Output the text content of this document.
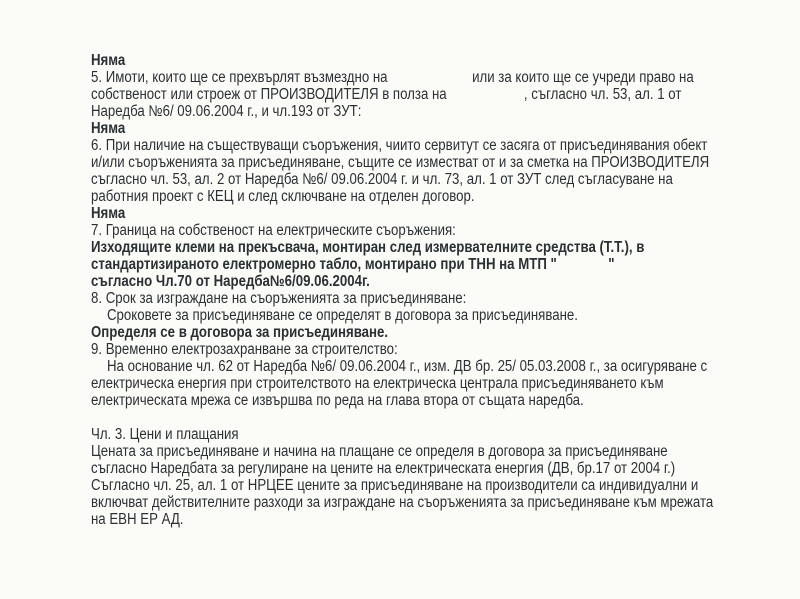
Няма
5. Имоти, които ще се прехвърлят възмездно на                       или за които ще се учреди право на
собственост или строеж от ПРОИЗВОДИТЕЛЯ в полза на                     , съгласно чл. 53, ал. 1 от
Наредба №6/ 09.06.2004 г., и чл.193 от ЗУТ:
Няма
6. При наличие на съществуващи съоръжения, чиито сервитут се засяга от присъединявания обект
и/или съоръженията за присъединяване, същите се изместват от и за сметка на ПРОИЗВОДИТЕЛЯ
съгласно чл. 53, ал. 2 от Наредба №6/ 09.06.2004 г. и чл. 73, ал. 1 от ЗУТ след съгласуване на
работния проект с КЕЦ и след сключване на отделен договор.
Няма
7. Граница на собственост на електрическите съоръжения:
Изходящите клеми на прекъсвача, монтиран след измервателните средства (Т.Т.), в
стандартизираното електромерно табло, монтирано при ТНН на МТП "              "
съгласно Чл.70 от Наредба№6/09.06.2004г.
8. Срок за изграждане на съоръженията за присъединяване:
Сроковете за присъединяване се определят в договора за присъединяване.
Определя се в договора за присъединяване.
9. Временно електрозахранване за строителство:
На основание чл. 62 от Наредба №6/ 09.06.2004 г., изм. ДВ бр. 25/ 05.03.2008 г., за осигуряване с
електрическа енергия при строителството на електрическа централа присъединяването към
електрическата мрежа се извършва по реда на глава втора от същата наредба.
Чл. 3. Цени и плащания
Цената за присъединяване и начина на плащане се определя в договора за присъединяване
съгласно Наредбата за регулиране на цените на електрическата енергия (ДВ, бр.17 от 2004 г.)
Съгласно чл. 25, ал. 1 от НРЦЕЕ цените за присъединяване на производители са индивидуални и
включват действителните разходи за изграждане на съоръженията за присъединяване към мрежата
на ЕВН ЕР АД.
